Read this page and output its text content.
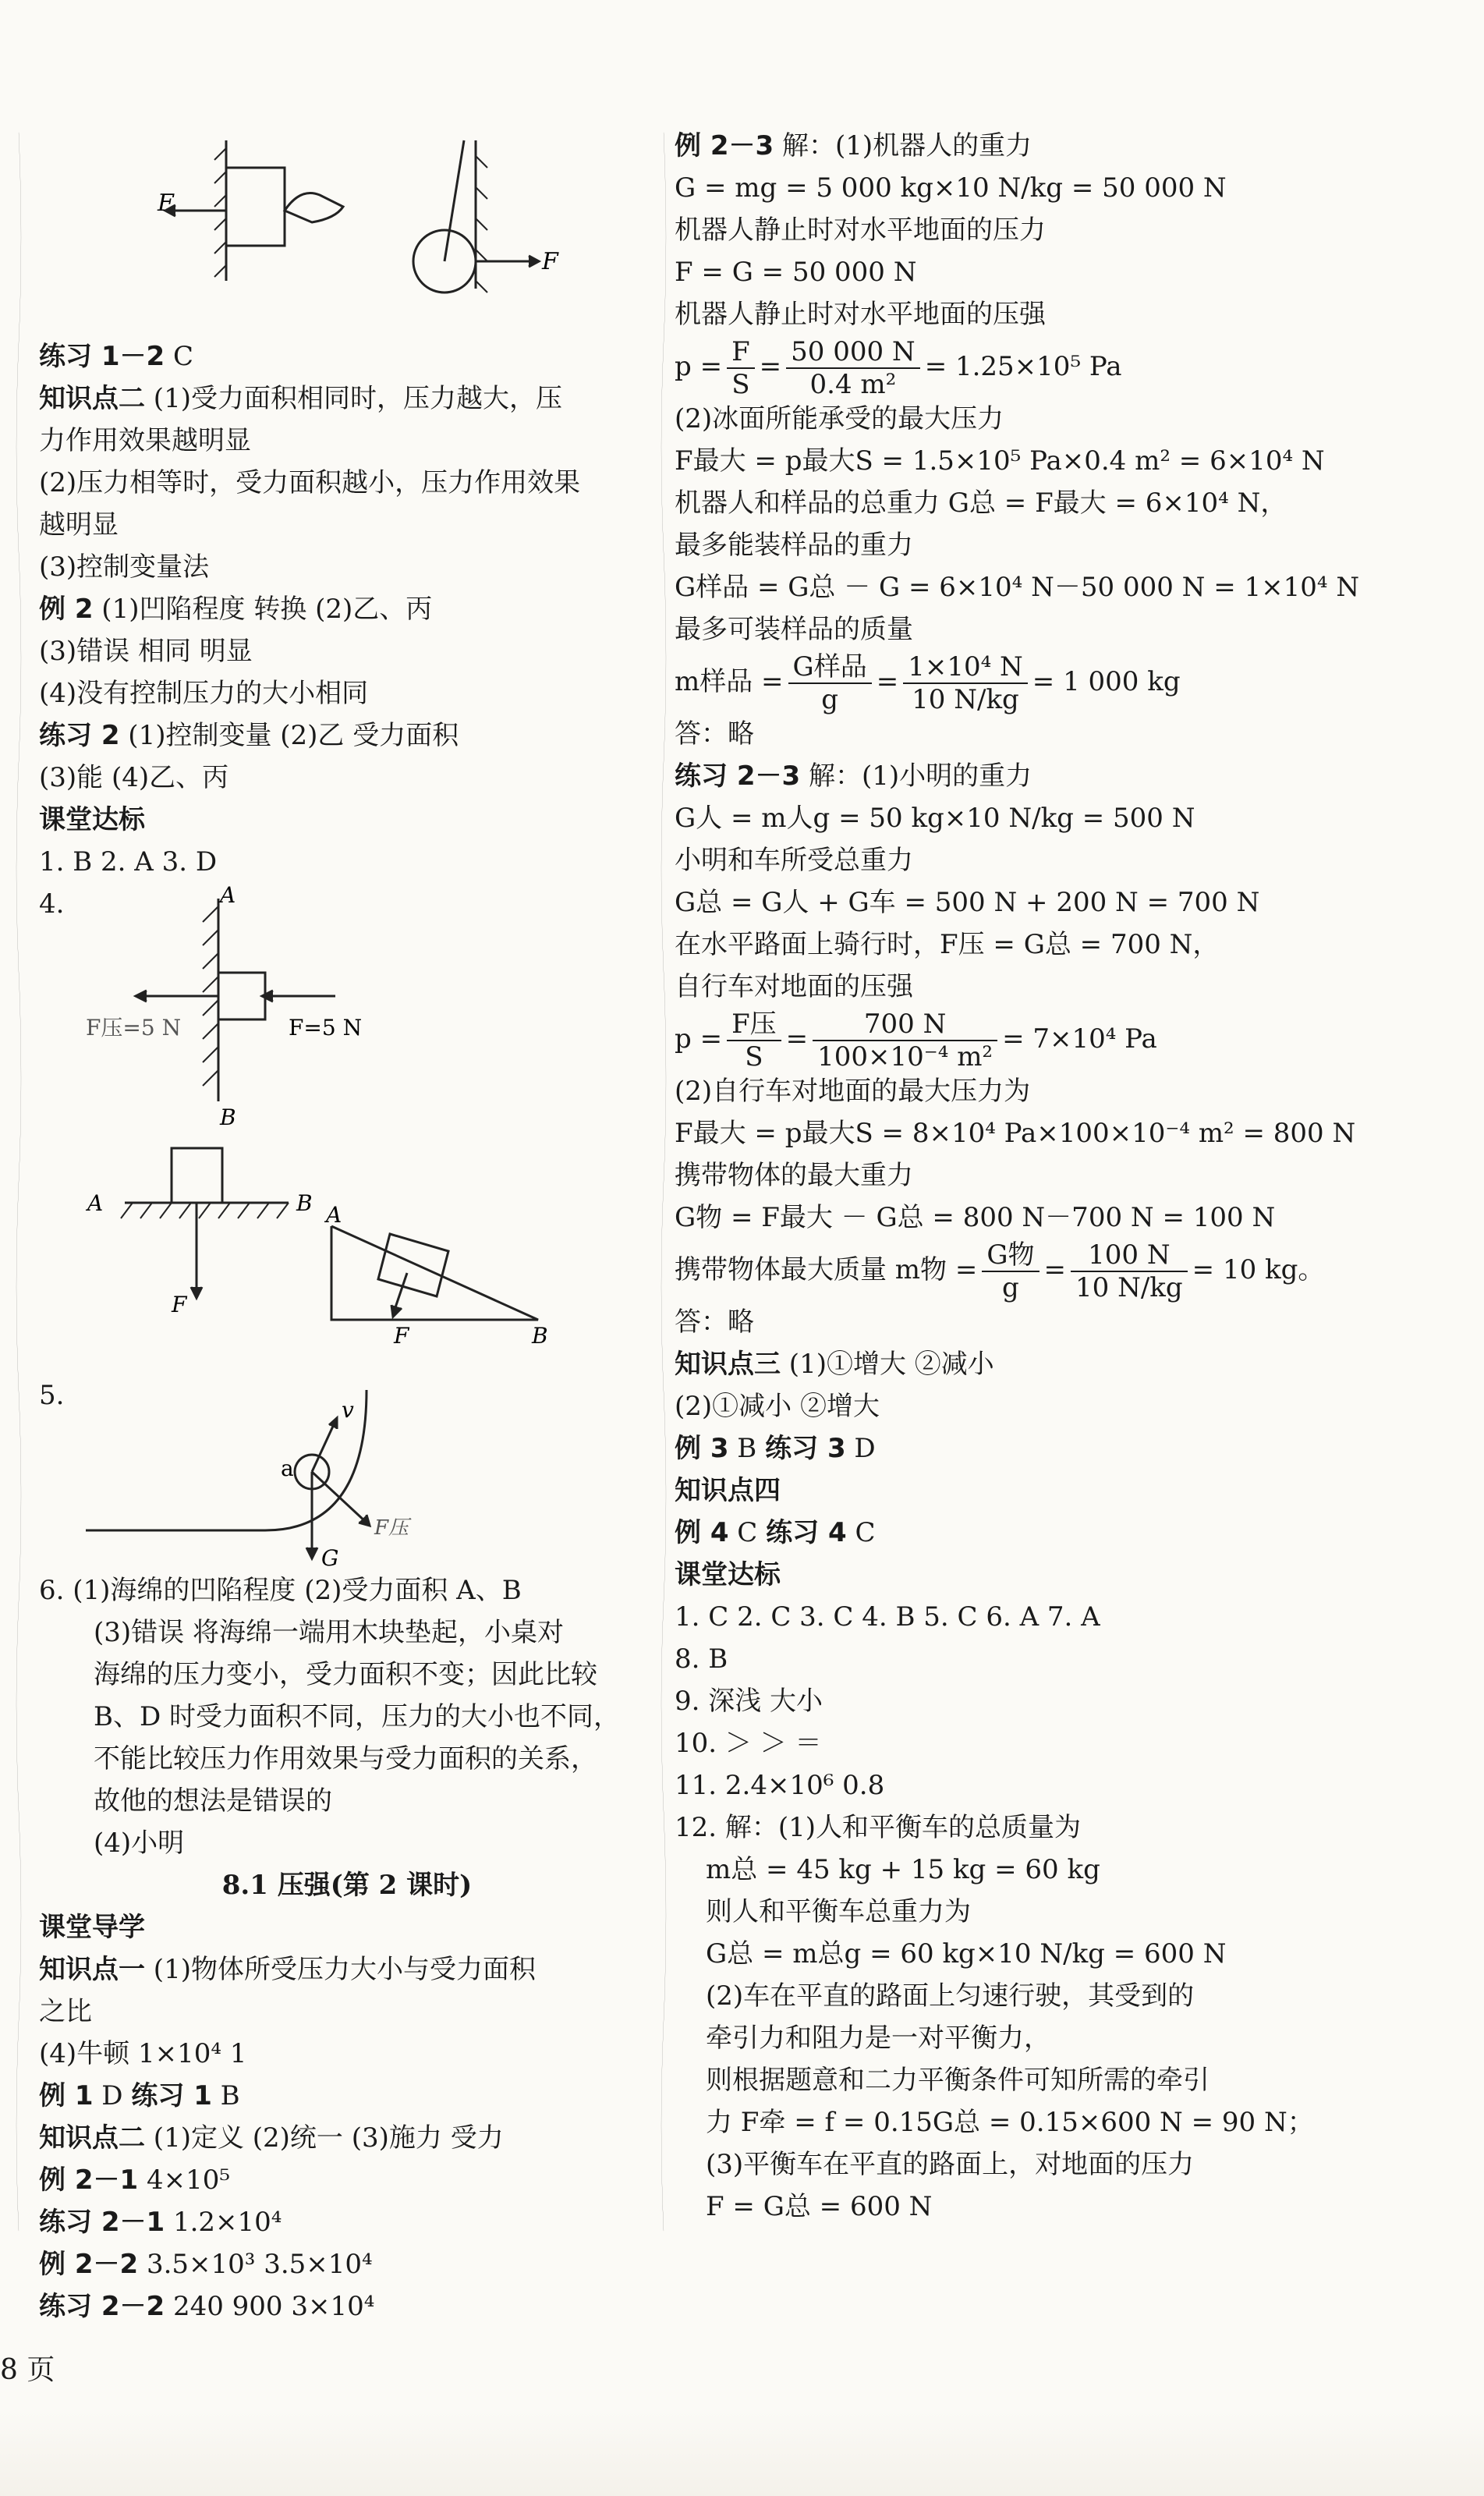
F
F
练习 1－2 C
知识点二 (1)受力面积相同时，压力越大，压
力作用效果越明显
(2)压力相等时，受力面积越小，压力作用效果
越明显
(3)控制变量法
例 2 (1)凹陷程度 转换 (2)乙、丙
(3)错误 相同 明显
(4)没有控制压力的大小相同
练习 2 (1)控制变量 (2)乙 受力面积
(3)能 (4)乙、丙
课堂达标
1. B 2. A 3. D
4.	A
B
F压=5 N	F=5 N
A	B
F
A
B
F
5.	v
a
F压
G
6. (1)海绵的凹陷程度 (2)受力面积 A、B
(3)错误 将海绵一端用木块垫起，小桌对
海绵的压力变小，受力面积不变；因此比较
B、D 时受力面积不同，压力的大小也不同，
不能比较压力作用效果与受力面积的关系，
故他的想法是错误的
(4)小明
8.1 压强(第 2 课时)
课堂导学
知识点一 (1)物体所受压力大小与受力面积
之比
(4)牛顿 1×10⁴ 1
例 1 D 练习 1 B
知识点二 (1)定义 (2)统一 (3)施力 受力
例 2－1 4×10⁵
练习 2－1 1.2×10⁴
例 2－2 3.5×10³ 3.5×10⁴
练习 2－2 240 900 3×10⁴
例 2－3 解：(1)机器人的重力
G = mg = 5 000 kg×10 N/kg = 50 000 N
机器人静止时对水平地面的压力
F = G = 50 000 N
机器人静止时对水平地面的压强
$p = \frac{F}{S} = \frac{50 000 N}{\text{0.4 m²}} = 1.25\times 10^5$ Pa
(2)冰面所能承受的最大压力
F最大 = p最大S = 1.5×10⁵ Pa×0.4 m² = 6×10⁴ N
机器人和样品的总重力 G总 = F最大 = 6×10⁴ N，
最多能装样品的重力
G样品 = G总 － G = 6×10⁴ N－50 000 N = 1×10⁴ N
最多可装样品的质量
m样品 = $\frac{\text{G样品}}{g} = \frac{\text{1×10⁴ N}}{10 N/kg} = 1$ 000 kg
答：略
练习 2－3 解：(1)小明的重力
G人 = m人g = 50 kg×10 N/kg = 500 N
小明和车所受总重力
G总 = G人 + G车 = 500 N + 200 N = 700 N
在水平路面上骑行时，F压 = G总 = 700 N，
自行车对地面的压强
$p = \frac{\text{F压}}{S} = \frac{700 N}{\text{100×10⁻⁴ m²}} = 7\times 10^4$ Pa
(2)自行车对地面的最大压力为
F最大 = p最大S = 8×10⁴ Pa×100×10⁻⁴ m² = 800 N
携带物体的最大重力
G物 = F最大 － G总 = 800 N－700 N = 100 N
携带物体最大质量 m物 = $\frac{\text{G物}}{g} = \frac{100 N}{10 N/kg} = 10$ kg。
答：略
知识点三 (1)①增大 ②减小
(2)①减小 ②增大
例 3 B 练习 3 D
知识点四
例 4 C 练习 4 C
课堂达标
1. C 2. C 3. C 4. B 5. C 6. A 7. A
8. B
9. 深浅 大小
10. ＞ ＞ ＝
11. 2.4×10⁶ 0.8
12. 解：(1)人和平衡车的总质量为
m总 = 45 kg + 15 kg = 60 kg
则人和平衡车总重力为
G总 = m总g = 60 kg×10 N/kg = 600 N
(2)车在平直的路面上匀速行驶，其受到的
牵引力和阻力是一对平衡力，
则根据题意和二力平衡条件可知所需的牵引
力 F牵 = f = 0.15G总 = 0.15×600 N = 90 N；
(3)平衡车在平直的路面上，对地面的压力
F = G总 = 600 N
8 页
